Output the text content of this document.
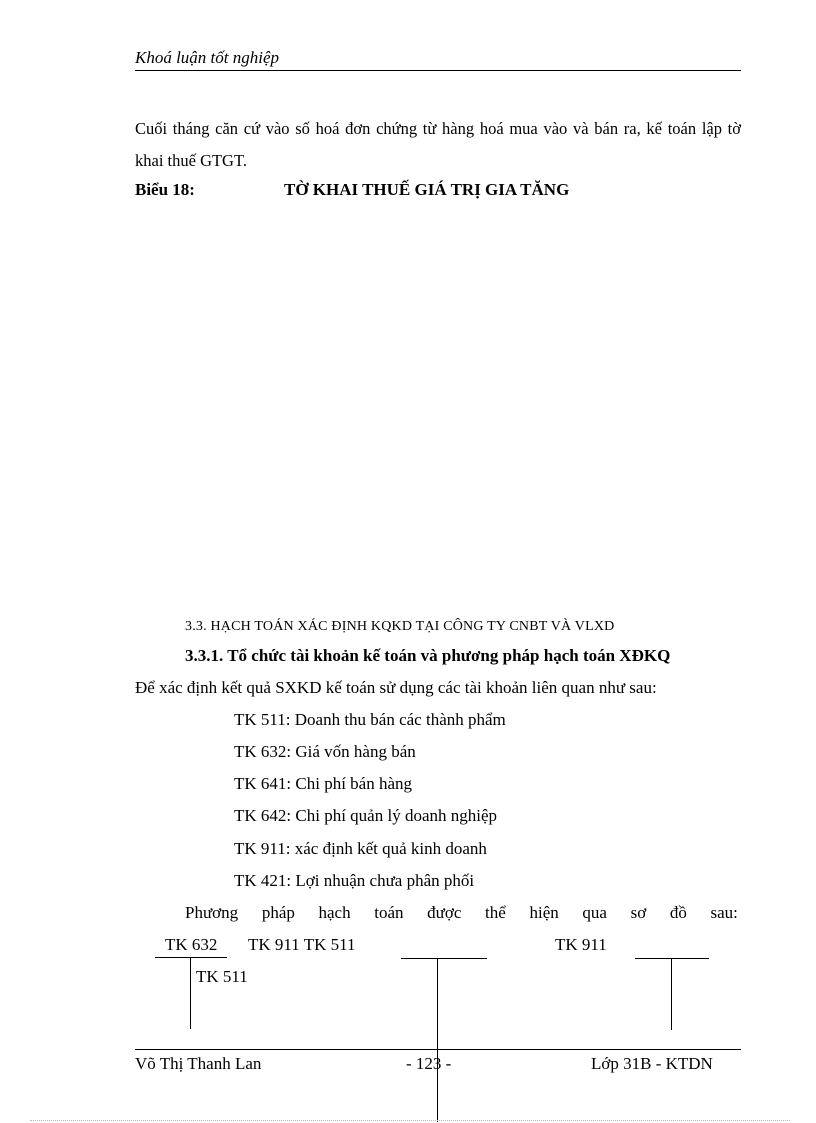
Khoá luận tốt nghiệp
Cuối tháng căn cứ vào số hoá đơn chứng từ hàng hoá mua vào và bán ra, kế toán lập tờ khai thuế GTGT.
Biểu 18:	TỜ KHAI THUẾ GIÁ TRỊ GIA TĂNG
3.3. HẠCH TOÁN XÁC ĐỊNH KQKD TẠI CÔNG TY CNBT VÀ VLXD
3.3.1. Tổ chức tài khoản kế toán và phương pháp hạch toán XĐKQ
Để xác định kết quả SXKD kế toán sử dụng các tài khoản liên quan như sau:
TK 511: Doanh thu bán các thành phẩm
TK 632: Giá vốn hàng bán
TK 641: Chi phí bán hàng
TK 642: Chi phí quản lý doanh nghiệp
TK 911: xác định kết quả kinh doanh
TK 421: Lợi nhuận chưa phân phối
Phương pháp hạch toán được thể hiện qua sơ đồ sau:
TK 632
TK 511
TK 911 TK 511	TK 911
Võ Thị Thanh Lan	- 123 -	Lớp 31B - KTDN
